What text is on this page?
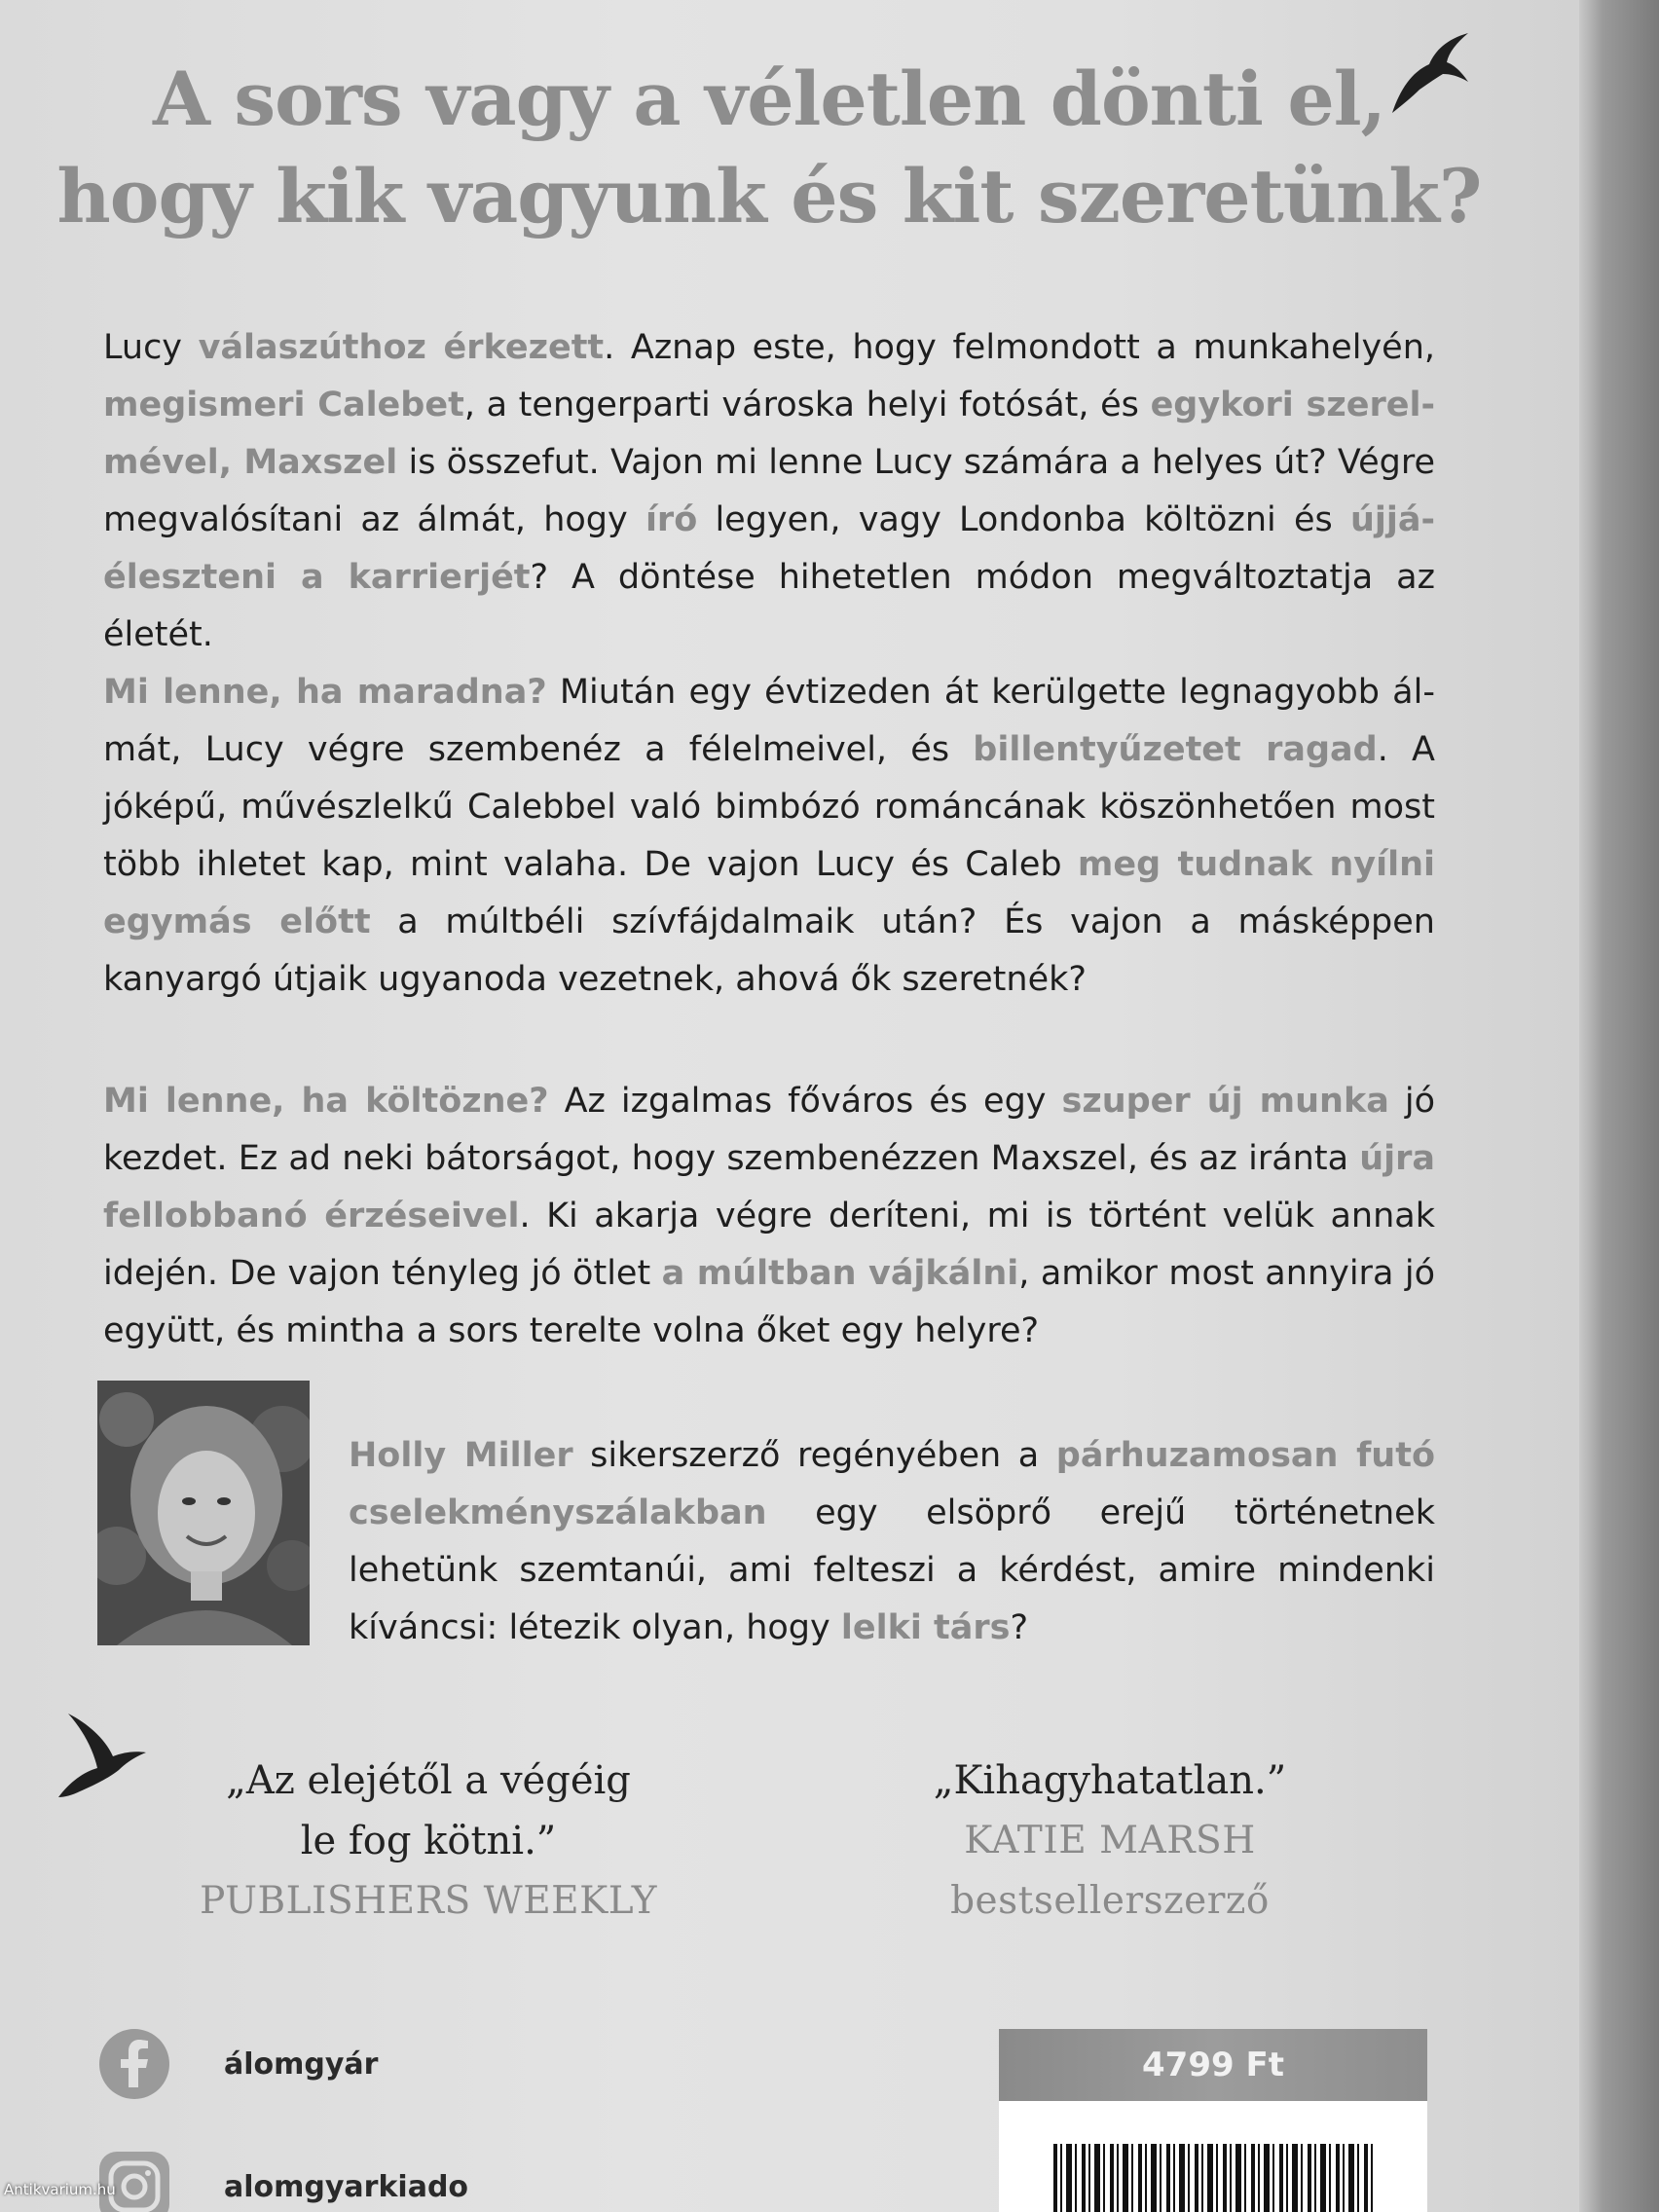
A sors vagy a véletlen dönti el,
hogy kik vagyunk és kit szeretünk?

Lucy válaszúthoz érkezett. Aznap este, hogy felmondott a munkahelyén, megismeri Calebet, a tengerparti városka helyi fotósát, és egykori szerelmével, Maxszel is összefut. Vajon mi lenne Lucy számára a helyes út? Végre megvalósítani az álmát, hogy író legyen, vagy Londonba költözni és újjáéleszteni a karrierjét? A döntése hihetetlen módon megváltoztatja az életét.

Mi lenne, ha maradna? Miután egy évtizeden át kerülgette legnagyobb álmát, Lucy végre szembenéz a félelmeivel, és billentyűzetet ragad. A jóképű, művészlelkű Calebbel való bimbózó románcának köszönhetően most több ihletet kap, mint valaha. De vajon Lucy és Caleb meg tudnak nyílni egymás előtt a múltbéli szívfájdalmaik után? És vajon a másképpen kanyargó útjaik ugyanoda vezetnek, ahová ők szeretnék?

Mi lenne, ha költözne? Az izgalmas főváros és egy szuper új munka jó kezdet. Ez ad neki bátorságot, hogy szembenézzen Maxszel, és az iránta újra fellobbanó érzéseivel. Ki akarja végre deríteni, mi is történt velük annak idején. De vajon tényleg jó ötlet a múltban vájkálni, amikor most annyira jó együtt, és mintha a sors terelte volna őket egy helyre?

Holly Miller sikerszerző regényében a párhuzamosan futó cselekményszálakban egy elsöprő erejű történetnek lehetünk szemtanúi, ami felteszi a kérdést, amire mindenki kíváncsi: létezik olyan, hogy lelki társ?

„Az elejétől a végéig
le fog kötni.”
PUBLISHERS WEEKLY
„Kihagyhatatlan.”
KATIE MARSH
bestsellerszerző
álomgyár
alomgyarkiado
4799 Ft
Antikvarium.hu
